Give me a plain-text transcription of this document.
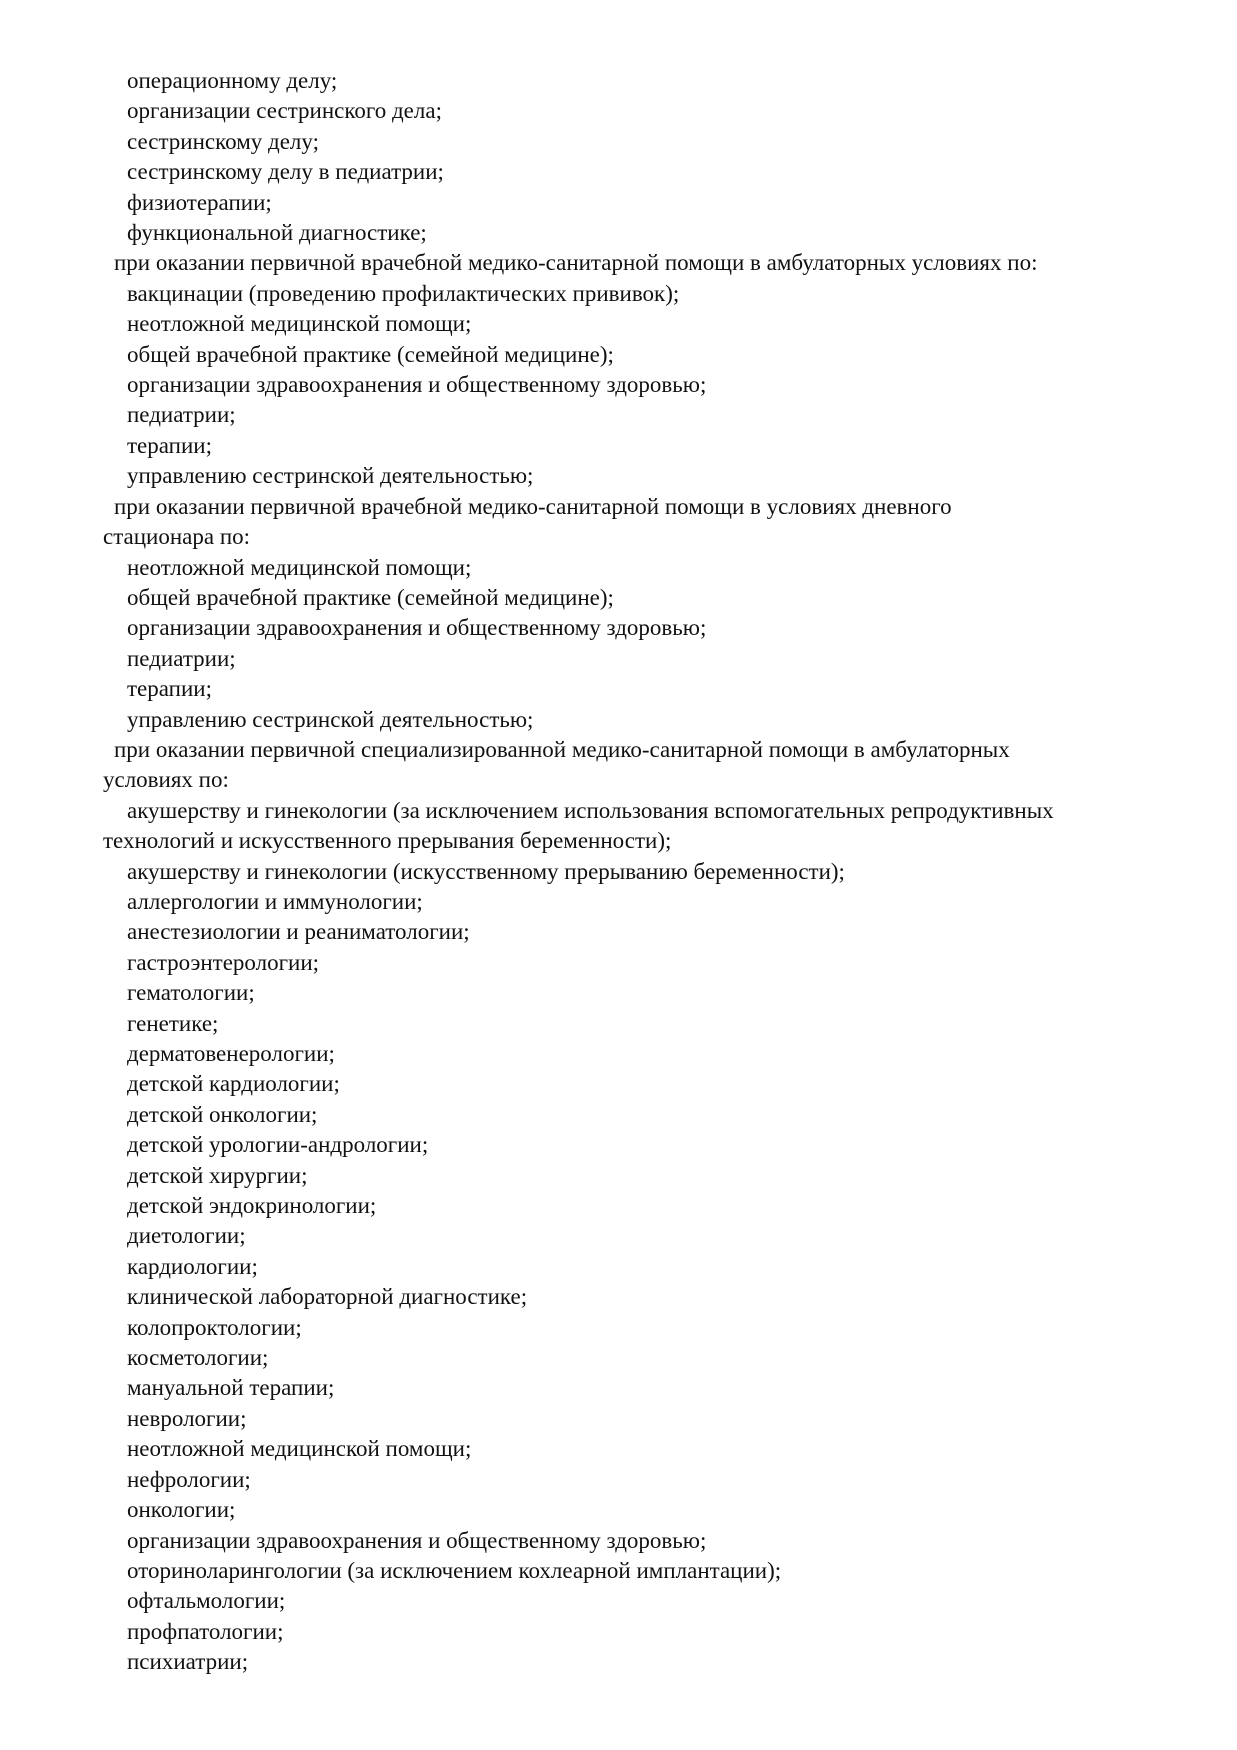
операционному делу;

организации сестринского дела;

сестринскому делу;

сестринскому делу в педиатрии;

физиотерапии;

функциональной диагностике;

при оказании первичной врачебной медико-санитарной помощи в амбулаторных условиях по:

вакцинации (проведению профилактических прививок);

неотложной медицинской помощи;

общей врачебной практике (семейной медицине);

организации здравоохранения и общественному здоровью;

педиатрии;

терапии;

управлению сестринской деятельностью;

при оказании первичной врачебной медико-санитарной помощи в условиях дневного

стационара по:

неотложной медицинской помощи;

общей врачебной практике (семейной медицине);

организации здравоохранения и общественному здоровью;

педиатрии;

терапии;

управлению сестринской деятельностью;

при оказании первичной специализированной медико-санитарной помощи в амбулаторных

условиях по:

акушерству и гинекологии (за исключением использования вспомогательных репродуктивных

технологий и искусственного прерывания беременности);

акушерству и гинекологии (искусственному прерыванию беременности);

аллергологии и иммунологии;

анестезиологии и реаниматологии;

гастроэнтерологии;

гематологии;

генетике;

дерматовенерологии;

детской кардиологии;

детской онкологии;

детской урологии-андрологии;

детской хирургии;

детской эндокринологии;

диетологии;

кардиологии;

клинической лабораторной диагностике;

колопроктологии;

косметологии;

мануальной терапии;

неврологии;

неотложной медицинской помощи;

нефрологии;

онкологии;

организации здравоохранения и общественному здоровью;

оториноларингологии (за исключением кохлеарной имплантации);

офтальмологии;

профпатологии;

психиатрии;
